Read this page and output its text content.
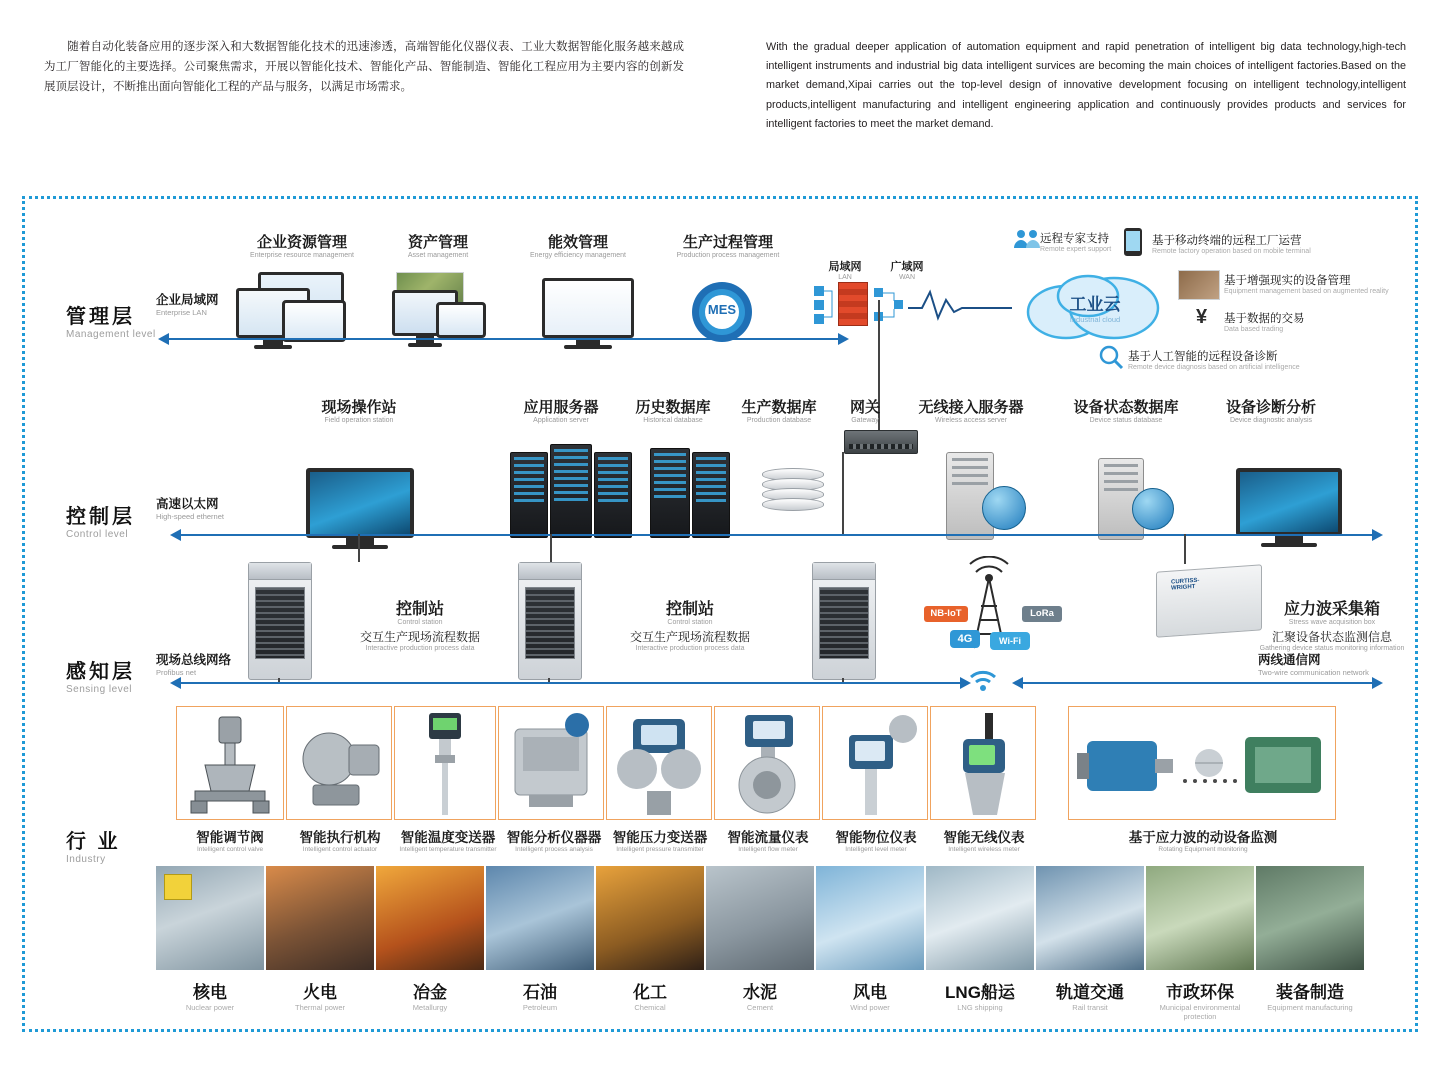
　　随着自动化装备应用的逐步深入和大数据智能化技术的迅速渗透，高端智能化仪器仪表、工业大数据智能化服务越来越成为工厂智能化的主要选择。公司聚焦需求，开展以智能化技术、智能化产品、智能制造、智能化工程应用为主要内容的创新发展顶层设计，不断推出面向智能化工程的产品与服务，以满足市场需求。
With the gradual deeper application of automation equipment and rapid penetration of intelligent big data technology,high-tech intelligent instruments and industrial big data intelligent survices are becoming the main choices of intelligent factories.Based on the market demand,Xipai carries out the top-level design of innovative development focusing on intelligent technology,intelligent products,intelligent manufacturing and intelligent engineering application and continuously provides products and services for intelligent factories to meet the market demand.
管理层
Management level
控制层
Control level
感知层
Sensing level
行 业
Industry
企业资源管理
Enterprise resource management
资产管理
Asset management
能效管理
Energy efficiency management
生产过程管理
Production process management
MES
局域网
LAN
广域网
WAN
工业云
Industrial cloud
远程专家支持
Remote expert support
基于移动终端的远程工厂运营
Remote factory operation based on mobile terminal
基于增强现实的设备管理
Equipment management based on augmented reality
¥ 基于数据的交易
Data based trading
基于人工智能的远程设备诊断
Remote device diagnosis based on artificial intelligence
企业局域网
Enterprise LAN
现场操作站
Field operation station
应用服务器
Application server
历史数据库
Historical database
生产数据库
Production database
网关
Gateway
无线接入服务器
Wireless access server
设备状态数据库
Device status database
设备诊断分析
Device diagnostic analysis
高速以太网
High-speed ethernet
控制站
Control station
交互生产现场流程数据
Interactive production process data
控制站
Control station
交互生产现场流程数据
Interactive production process data
NB-IoT	LoRa
4G	Wi-Fi
CURTISS-
WRIGHT
应力波采集箱
Stress wave acquisition box
汇聚设备状态监测信息
Gathering device status monitoring information
现场总线网络
Profibus net
两线通信网
Two-wire communication network
智能调节阀
Intelligent control valve
智能执行机构
Intelligent control actuator
智能温度变送器
Intelligent temperature transmitter
智能分析仪器器
Intelligent process analysis
智能压力变送器
Intelligent pressure transmitter
智能流量仪表
Intelligent flow meter
智能物位仪表
Intelligent level meter
智能无线仪表
Intelligent wireless meter
基于应力波的动设备监测
Rotating Equipment monitoring
核电
Nuclear power
火电
Thermal power
冶金
Metallurgy
石油
Petroleum
化工
Chemical
水泥
Cement
风电
Wind power
LNG船运
LNG shipping
轨道交通
Rail transit
市政环保
Municipal environmental protection
装备制造
Equipment manufacturing
